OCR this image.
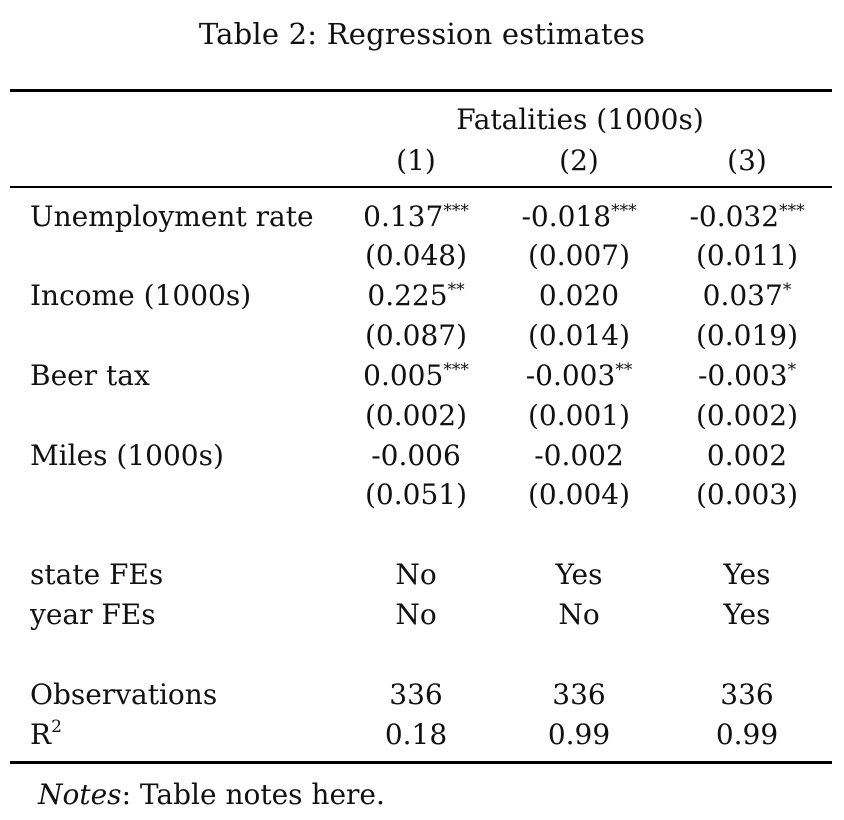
Table 2: Regression estimates
Fatalities (1000s)
(1)	(2)	(3)
Unemployment rate	0.137***	-0.018***	-0.032***
(0.048)	(0.007)	(0.011)
Income (1000s)	0.225**	0.020	0.037*
(0.087)	(0.014)	(0.019)
Beer tax	0.005***	-0.003**	-0.003*
(0.002)	(0.001)	(0.002)
Miles (1000s)	-0.006	-0.002	0.002
(0.051)	(0.004)	(0.003)
state FEs	No	Yes	Yes
year FEs	No	No	Yes
Observations	336	336	336
$R^2$	0.18	0.99	0.99
Notes: Table notes here.
